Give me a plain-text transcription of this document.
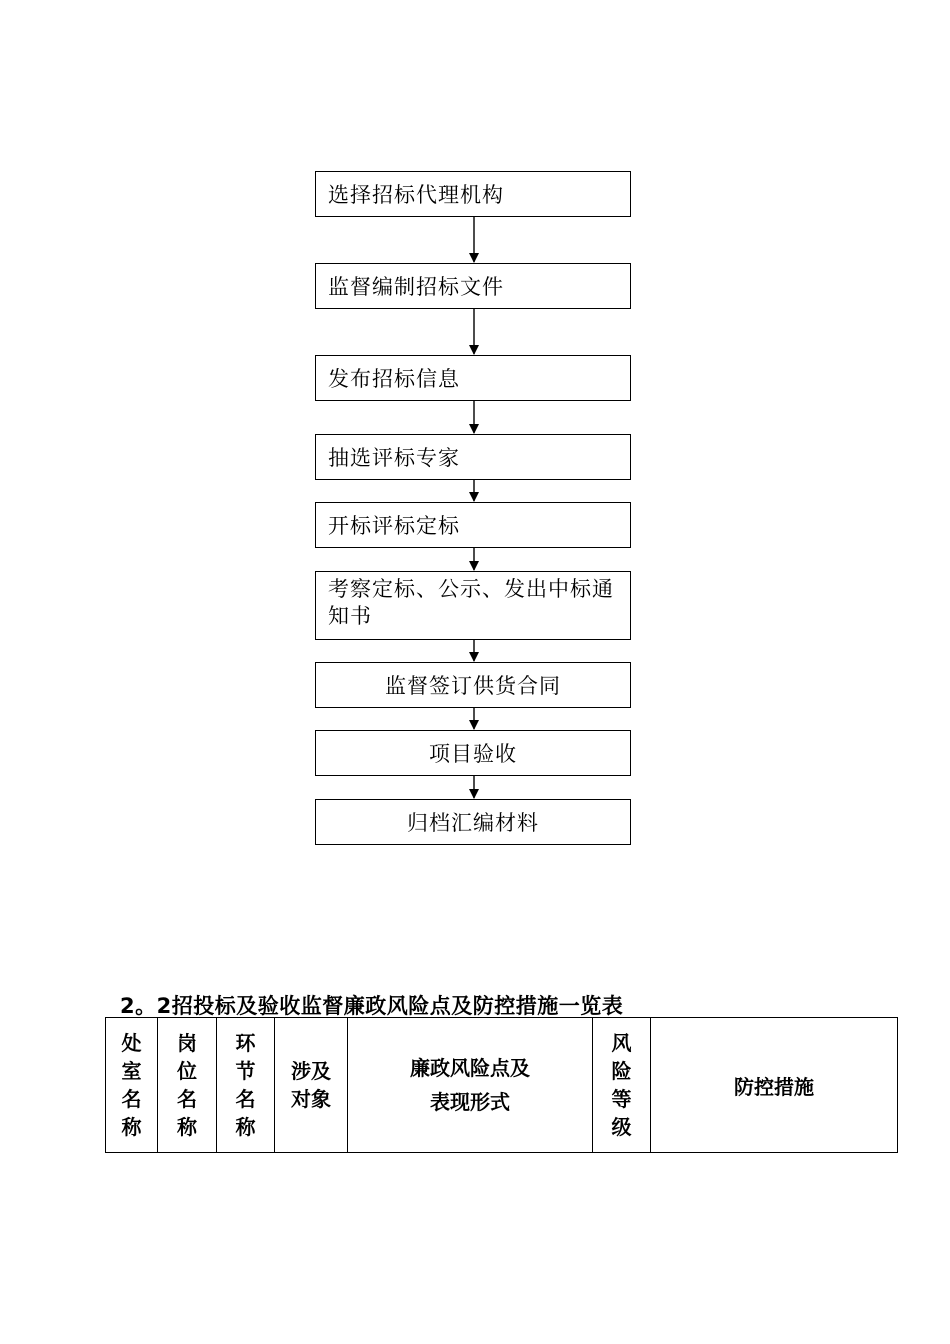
选择招标代理机构
监督编制招标文件
发布招标信息
抽选评标专家
开标评标定标
考察定标、公示、发出中标通知书
监督签订供货合同
项目验收
归档汇编材料
2。2招投标及验收监督廉政风险点及防控措施一览表
处室名称	岗位名称	环节名称	涉及对象	廉政风险点及表现形式	风险等级	防控措施
